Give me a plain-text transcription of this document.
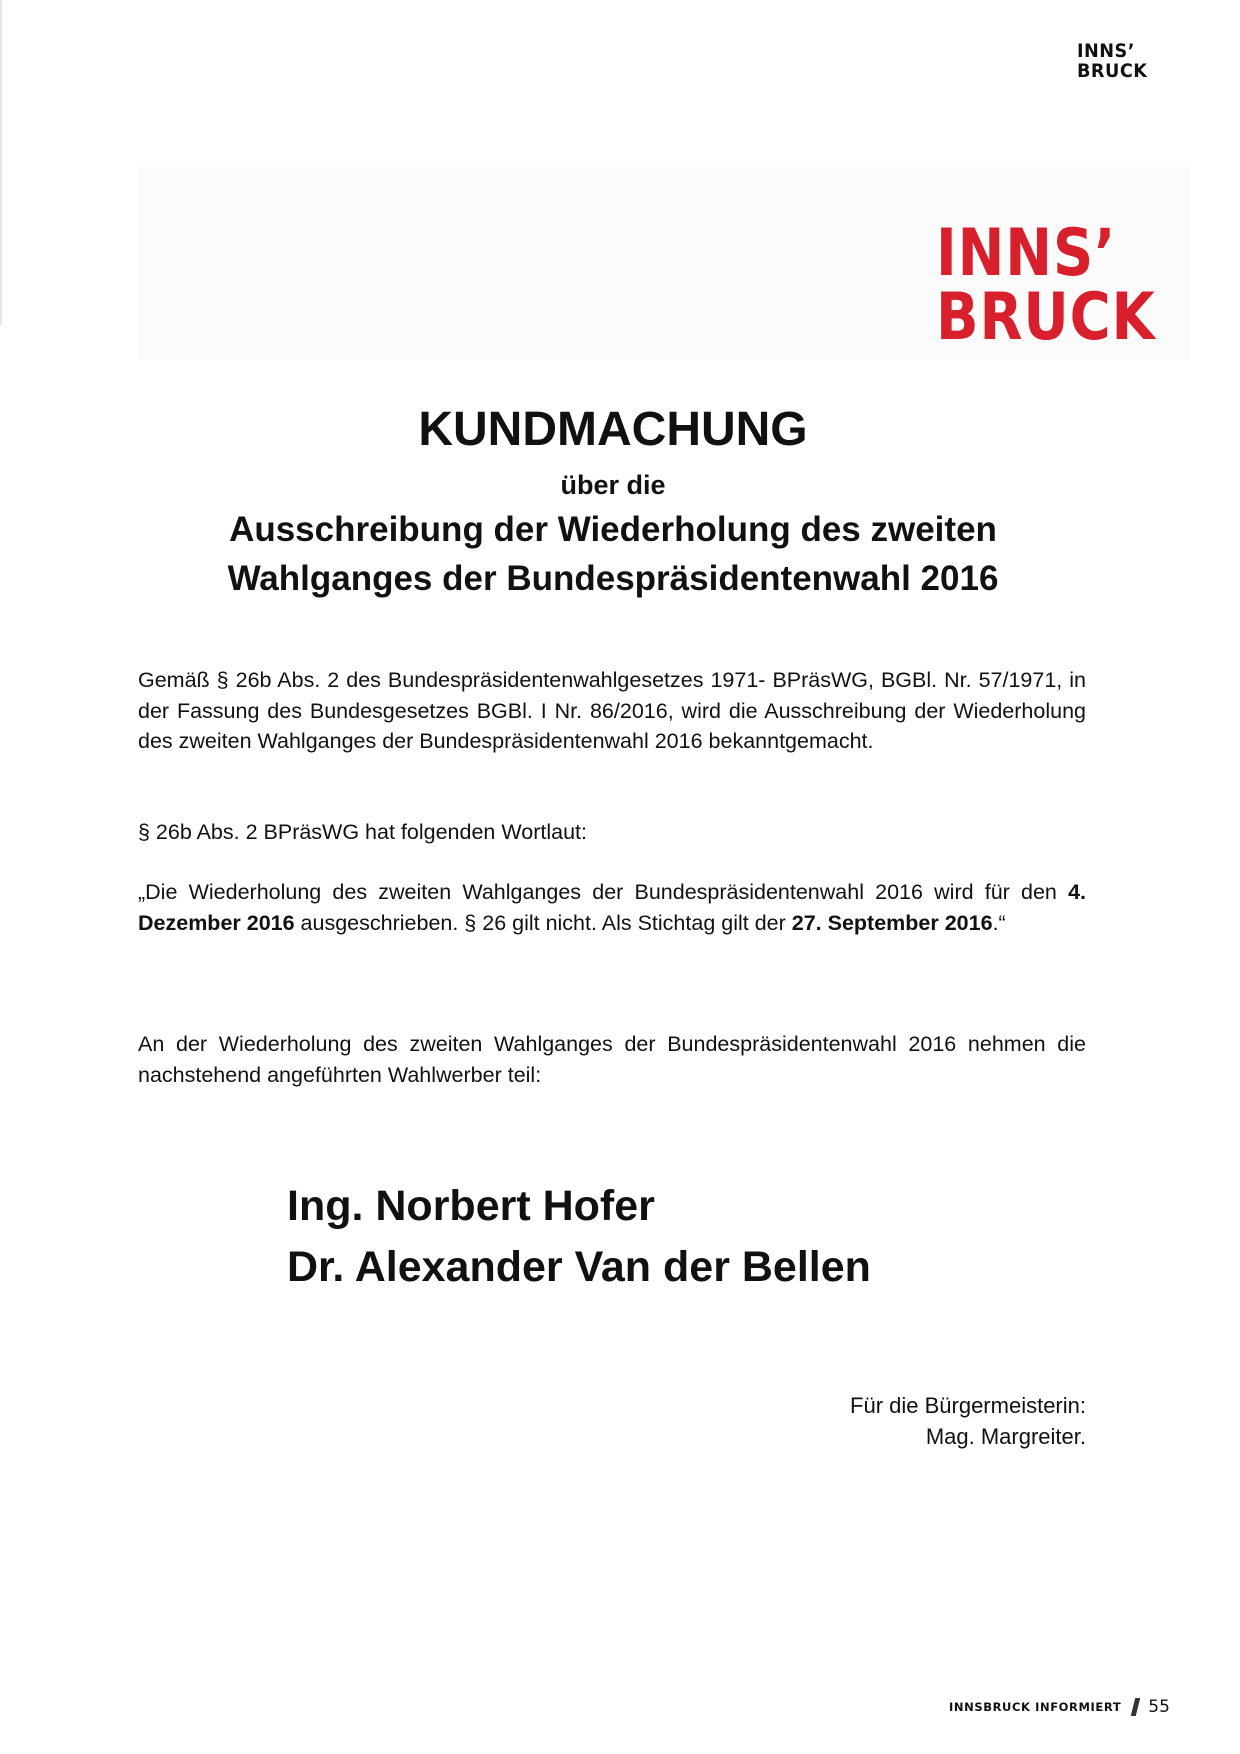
INNS’
BRUCK
INNS’
BRUCK
KUNDMACHUNG
über die
Ausschreibung der Wiederholung des zweiten
Wahlganges der Bundespräsidentenwahl 2016
Gemäß § 26b Abs. 2 des Bundespräsidentenwahlgesetzes 1971- BPräsWG, BGBl. Nr. 57/1971, in der Fassung des Bundesgesetzes BGBl. I Nr. 86/2016, wird die Ausschreibung der Wiederholung des zweiten Wahlganges der Bundespräsidentenwahl 2016 bekanntgemacht.
§ 26b Abs. 2 BPräsWG hat folgenden Wortlaut:
„Die Wiederholung des zweiten Wahlganges der Bundespräsidentenwahl 2016 wird für den 4. Dezember 2016 ausgeschrieben. § 26 gilt nicht. Als Stichtag gilt der 27. September 2016.“
An der Wiederholung des zweiten Wahlganges der Bundespräsidentenwahl 2016 nehmen die nachstehend angeführten Wahlwerber teil:
Ing. Norbert Hofer
Dr. Alexander Van der Bellen
Für die Bürgermeisterin:
Mag. Margreiter.
INNSBRUCK INFORMIERT 55
